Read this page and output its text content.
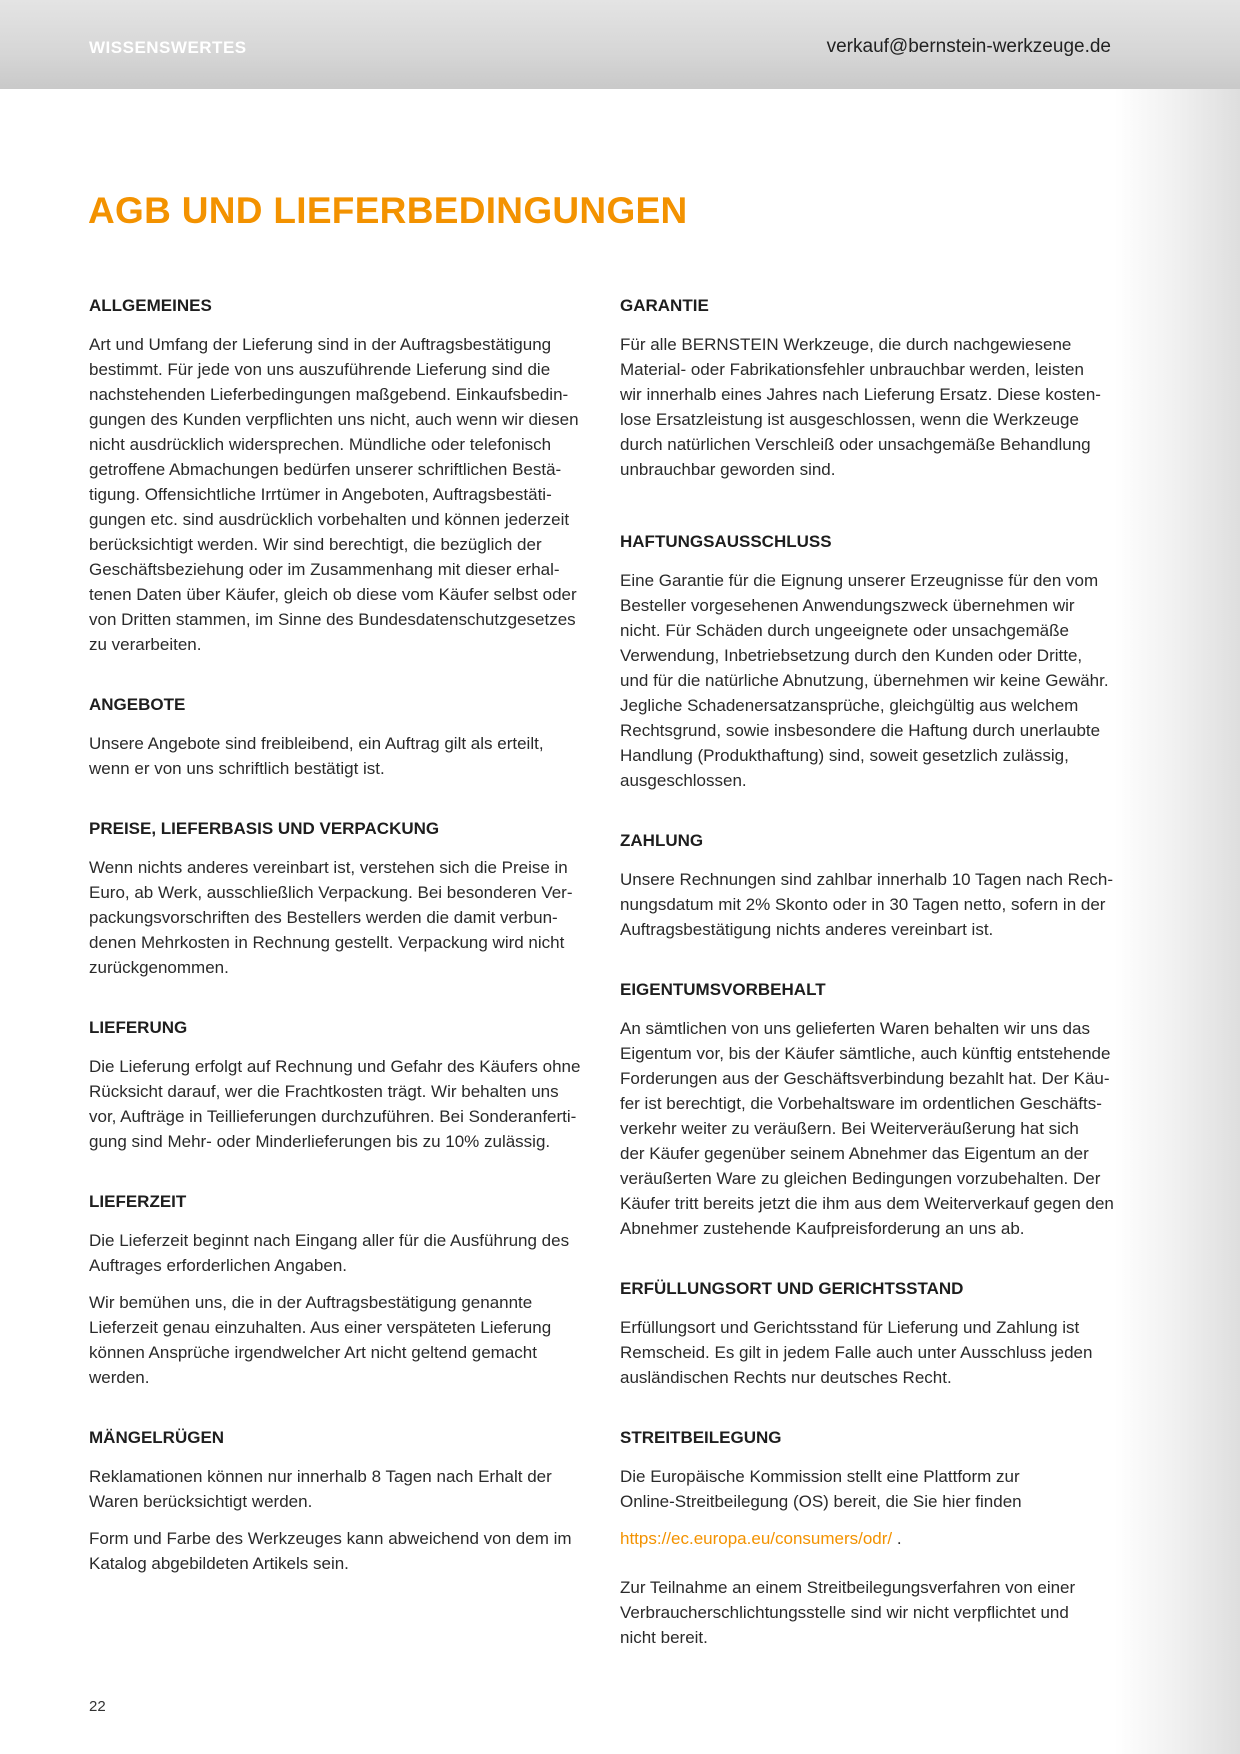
WISSENSWERTES	verkauf@bernstein-werkzeuge.de
AGB UND LIEFERBEDINGUNGEN
ALLGEMEINES

Art und Umfang der Lieferung sind in der Auftragsbestätigung
bestimmt. Für jede von uns auszuführende Lieferung sind die
nachstehenden Lieferbedingungen maßgebend. Einkaufsbedin-
gungen des Kunden verpflichten uns nicht, auch wenn wir diesen
nicht ausdrücklich widersprechen. Mündliche oder telefonisch
getroffene Abmachungen bedürfen unserer schriftlichen Bestä-
tigung. Offensichtliche Irrtümer in Angeboten, Auftragsbestäti-
gungen etc. sind ausdrücklich vorbehalten und können jederzeit
berücksichtigt werden. Wir sind berechtigt, die bezüglich der
Geschäftsbeziehung oder im Zusammenhang mit dieser erhal-
tenen Daten über Käufer, gleich ob diese vom Käufer selbst oder
von Dritten stammen, im Sinne des Bundesdatenschutzgesetzes
zu verarbeiten.

ANGEBOTE

Unsere Angebote sind freibleibend, ein Auftrag gilt als erteilt,
wenn er von uns schriftlich bestätigt ist.

PREISE, LIEFERBASIS UND VERPACKUNG

Wenn nichts anderes vereinbart ist, verstehen sich die Preise in
Euro, ab Werk, ausschließlich Verpackung. Bei besonderen Ver-
packungsvorschriften des Bestellers werden die damit verbun-
denen Mehrkosten in Rechnung gestellt. Verpackung wird nicht
zurückgenommen.

LIEFERUNG

Die Lieferung erfolgt auf Rechnung und Gefahr des Käufers ohne
Rücksicht darauf, wer die Frachtkosten trägt. Wir behalten uns
vor, Aufträge in Teillieferungen durchzuführen. Bei Sonderanferti-
gung sind Mehr- oder Minderlieferungen bis zu 10% zulässig.

LIEFERZEIT

Die Lieferzeit beginnt nach Eingang aller für die Ausführung des
Auftrages erforderlichen Angaben.

Wir bemühen uns, die in der Auftragsbestätigung genannte
Lieferzeit genau einzuhalten. Aus einer verspäteten Lieferung
können Ansprüche irgendwelcher Art nicht geltend gemacht
werden.

MÄNGELRÜGEN

Reklamationen können nur innerhalb 8 Tagen nach Erhalt der
Waren berücksichtigt werden.

Form und Farbe des Werkzeuges kann abweichend von dem im
Katalog abgebildeten Artikels sein.

GARANTIE

Für alle BERNSTEIN Werkzeuge, die durch nachgewiesene
Material- oder Fabrikationsfehler unbrauchbar werden, leisten
wir innerhalb eines Jahres nach Lieferung Ersatz. Diese kosten-
lose Ersatzleistung ist ausgeschlossen, wenn die Werkzeuge
durch natürlichen Verschleiß oder unsachgemäße Behandlung
unbrauchbar geworden sind.

HAFTUNGSAUSSCHLUSS

Eine Garantie für die Eignung unserer Erzeugnisse für den vom
Besteller vorgesehenen Anwendungszweck übernehmen wir
nicht. Für Schäden durch ungeeignete oder unsachgemäße
Verwendung, Inbetriebsetzung durch den Kunden oder Dritte,
und für die natürliche Abnutzung, übernehmen wir keine Gewähr.
Jegliche Schadenersatzansprüche, gleichgültig aus welchem
Rechtsgrund, sowie insbesondere die Haftung durch unerlaubte
Handlung (Produkthaftung) sind, soweit gesetzlich zulässig,
ausgeschlossen.

ZAHLUNG

Unsere Rechnungen sind zahlbar innerhalb 10 Tagen nach Rech-
nungsdatum mit 2% Skonto oder in 30 Tagen netto, sofern in der
Auftragsbestätigung nichts anderes vereinbart ist.

EIGENTUMSVORBEHALT

An sämtlichen von uns gelieferten Waren behalten wir uns das
Eigentum vor, bis der Käufer sämtliche, auch künftig entstehende
Forderungen aus der Geschäftsverbindung bezahlt hat. Der Käu-
fer ist berechtigt, die Vorbehaltsware im ordentlichen Geschäfts-
verkehr weiter zu veräußern. Bei Weiterveräußerung hat sich
der Käufer gegenüber seinem Abnehmer das Eigentum an der
veräußerten Ware zu gleichen Bedingungen vorzubehalten. Der
Käufer tritt bereits jetzt die ihm aus dem Weiterverkauf gegen den
Abnehmer zustehende Kaufpreisforderung an uns ab.

ERFÜLLUNGSORT UND GERICHTSSTAND

Erfüllungsort und Gerichtsstand für Lieferung und Zahlung ist
Remscheid. Es gilt in jedem Falle auch unter Ausschluss jeden
ausländischen Rechts nur deutsches Recht.

STREITBEILEGUNG

Die Europäische Kommission stellt eine Plattform zur
Online-Streitbeilegung (OS) bereit, die Sie hier finden

https://ec.europa.eu/consumers/odr/ .

Zur Teilnahme an einem Streitbeilegungsverfahren von einer
Verbraucherschlichtungsstelle sind wir nicht verpflichtet und
nicht bereit.

22
